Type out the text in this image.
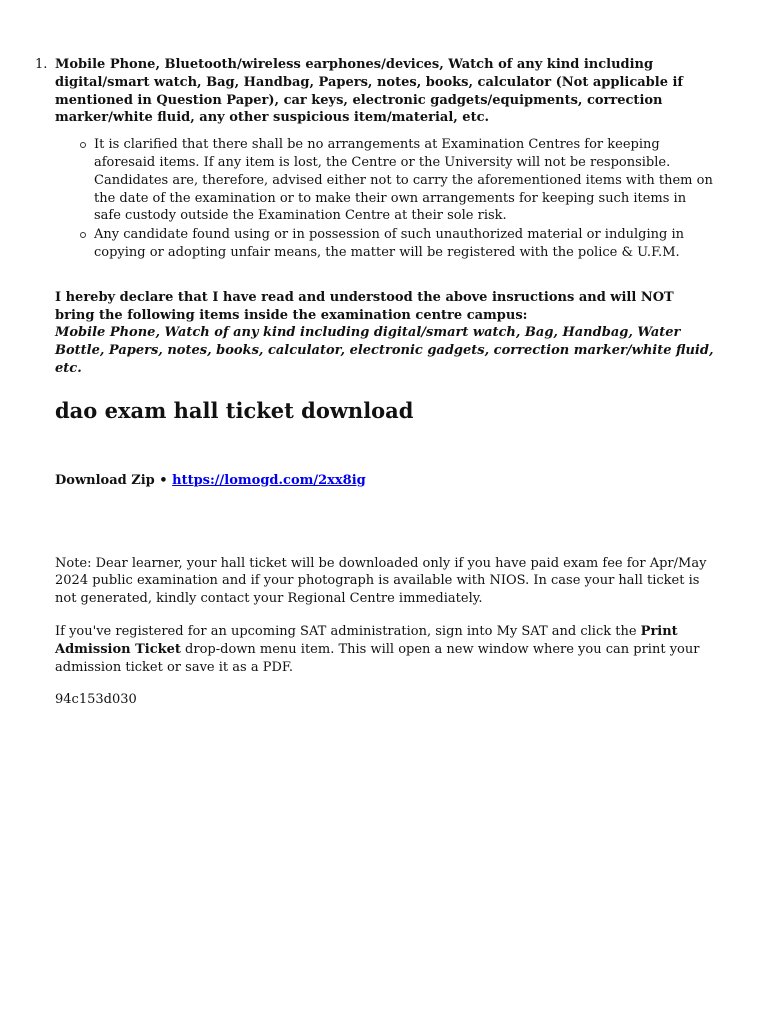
1. Mobile Phone, Bluetooth/wireless earphones/devices, Watch of any kind including digital/smart watch, Bag, Handbag, Papers, notes, books, calculator (Not applicable if mentioned in Question Paper), car keys, electronic gadgets/equipments, correction marker/white fluid, any other suspicious item/material, etc.
It is clarified that there shall be no arrangements at Examination Centres for keeping aforesaid items. If any item is lost, the Centre or the University will not be responsible. Candidates are, therefore, advised either not to carry the aforementioned items with them on the date of the examination or to make their own arrangements for keeping such items in safe custody outside the Examination Centre at their sole risk.
Any candidate found using or in possession of such unauthorized material or indulging in copying or adopting unfair means, the matter will be registered with the police & U.F.M.
I hereby declare that I have read and understood the above insructions and will NOT bring the following items inside the examination centre campus:
Mobile Phone, Watch of any kind including digital/smart watch, Bag, Handbag, Water Bottle, Papers, notes, books, calculator, electronic gadgets, correction marker/white fluid, etc.
dao exam hall ticket download
Download Zip • https://lomogd.com/2xx8ig

Note: Dear learner, your hall ticket will be downloaded only if you have paid exam fee for Apr/May 2024 public examination and if your photograph is available with NIOS. In case your hall ticket is not generated, kindly contact your Regional Centre immediately.

If you've registered for an upcoming SAT administration, sign into My SAT and click the Print Admission Ticket drop-down menu item. This will open a new window where you can print your admission ticket or save it as a PDF.

94c153d030
